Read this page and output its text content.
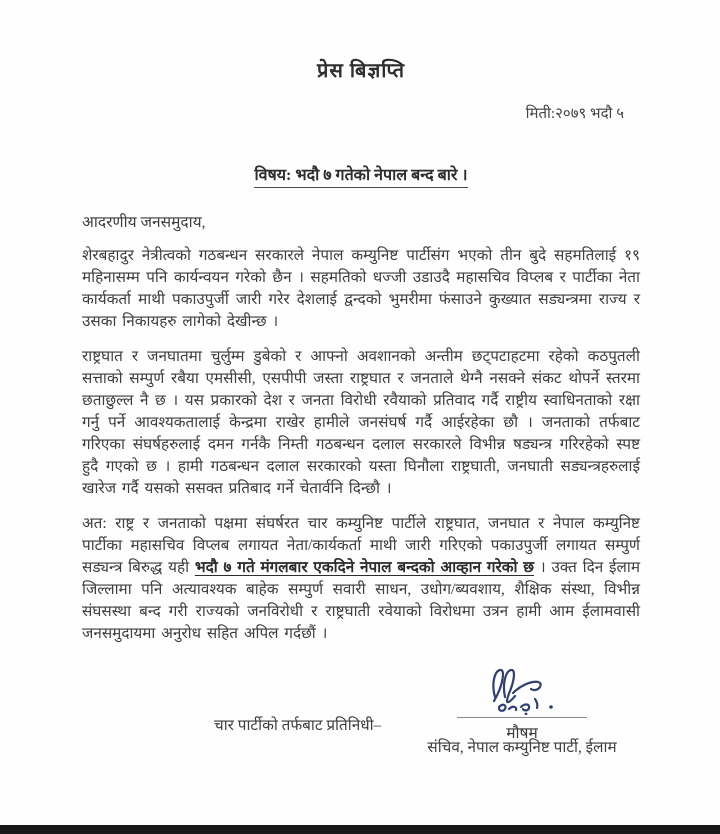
प्रेस बिज्ञप्ति
मिती:२०७९ भदौ ५
विषय: भदौ ७ गतेको नेपाल बन्द बारे ।
आदरणीय जनसमुदाय,

शेरबहादुर नेत्रीत्वको गठबन्धन सरकारले नेपाल कम्युनिष्ट पार्टीसंग भएको तीन बुदे सहमतिलाई १९ महिनासम्म पनि कार्यन्वयन गरेको छैन । सहमतिको धज्जी उडाउदै महासचिव विप्लब र पार्टीका नेता कार्यकर्ता माथी पकाउपुर्जी जारी गरेर देशलाई द्वन्दको भुमरीमा फंसाउने कुख्यात सड्यन्त्रमा राज्य र उसका निकायहरु लागेको देखीन्छ ।

राष्ट्रघात र जनघातमा चुर्लुम्म डुबेको र आफ्नो अवशानको अन्तीम छट्पटाहटमा रहेको कठपुतली सत्ताको सम्पुर्ण रबैया एमसीसी, एसपीपी जस्ता राष्ट्रघात र जनताले थेग्नै नसक्ने संकट थोपर्ने स्तरमा छताछुल्ल नै छ । यस प्रकारको देश र जनता विरोधी रवैयाको प्रतिवाद गर्दै राष्ट्रीय स्वाधिनताको रक्षा गर्नु पर्ने आवश्यकतालाई केन्द्रमा राखेर हामीले जनसंघर्ष गर्दै आईरहेका छौ । जनताको तर्फबाट गरिएका संघर्षहरुलाई दमन गर्नकै निम्ती गठबन्धन दलाल सरकारले विभीन्न षड्यन्त्र गरिरहेको स्पष्ट हुदै गएको छ । हामी गठबन्धन दलाल सरकारको यस्ता घिनौला राष्ट्रघाती, जनघाती सड्यन्त्रहरुलाई खारेज गर्दै यसको ससक्त प्रतिबाद गर्ने चेतार्वनि दिन्छौ ।

अत: राष्ट्र र जनताको पक्षमा संघर्षरत चार कम्युनिष्ट पार्टीले राष्ट्रघात, जनघात र नेपाल कम्युनिष्ट पार्टीका महासचिव विप्लब लगायत नेता/कार्यकर्ता माथी जारी गरिएको पकाउपुर्जी लगायत सम्पुर्ण सड्यन्त्र बिरुद्ध यही भदौ ७ गते मंगलबार एकदिने नेपाल बन्दको आव्हान गरेको छ । उक्त दिन ईलाम जिल्लामा पनि अत्यावश्यक बाहेक सम्पुर्ण सवारी साधन, उधोग/ब्यवशाय, शैक्षिक संस्था, विभीन्न संघसस्था बन्द गरी राज्यको जनविरोधी र राष्ट्रघाती रवेयाको विरोधमा उत्रन हामी आम ईलामवासी जनसमुदायमा अनुरोध सहित अपिल गर्दछौं ।

चार पार्टीको तर्फबाट प्रतिनिधी–	मौषम
संचिव, नेपाल कम्युनिष्ट पार्टी, ईलाम
